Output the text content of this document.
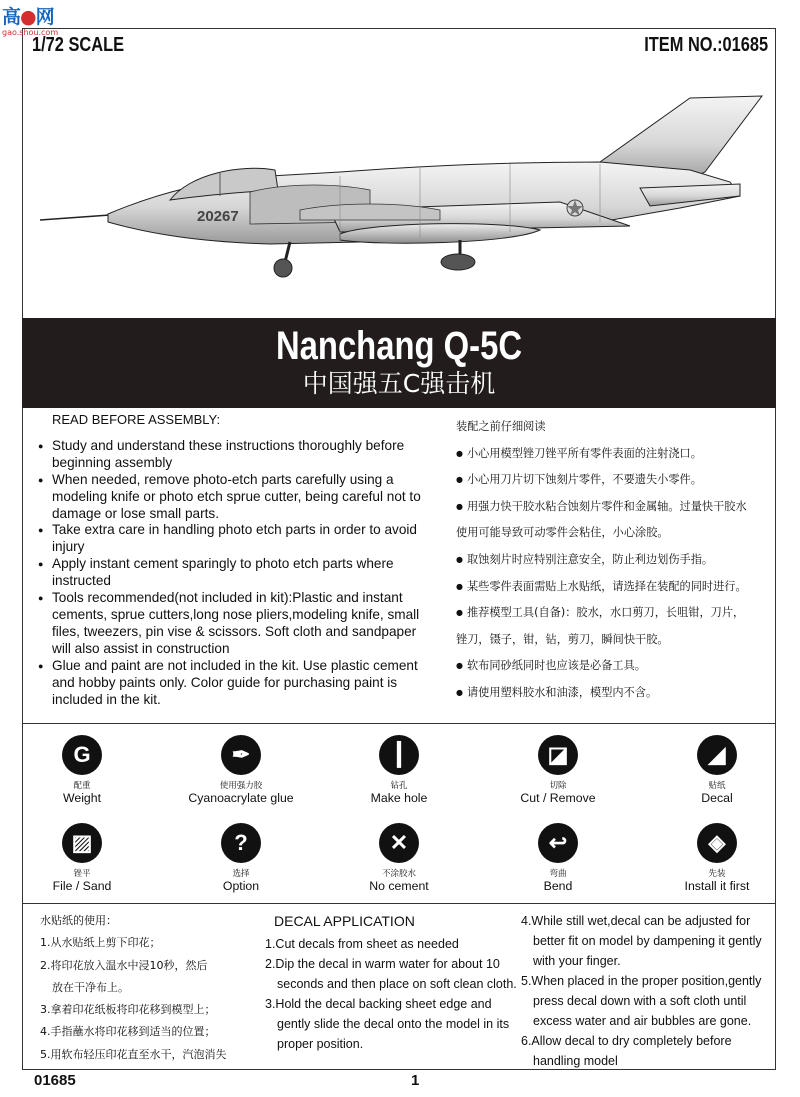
高●网
gao.shou.com
1/72 SCALE	ITEM NO.:01685
20267
Nanchang Q-5C
中国强五C强击机
READ BEFORE ASSEMBLY:
● Study and understand these instructions thoroughly before beginning assembly
● When needed, remove photo-etch parts carefully using a modeling knife or photo etch sprue cutter, being careful not to damage or lose small parts.
● Take extra care in handling photo etch parts in order to avoid injury
● Apply instant cement sparingly to photo etch parts where instructed
● Tools recommended(not included in kit):Plastic and instant cements, sprue cutters,long nose pliers,modeling knife, small files, tweezers, pin vise & scissors. Soft cloth and sandpaper will also assist in construction
● Glue and paint are not included in the kit. Use plastic cement and hobby paints only. Color guide for purchasing paint is included in the kit.
装配之前仔细阅读
● 小心用模型锉刀锉平所有零件表面的注射浇口。
● 小心用刀片切下蚀刻片零件，不要遗失小零件。
● 用强力快干胶水粘合蚀刻片零件和金属轴。过量快干胶水
使用可能导致可动零件会粘住，小心涂胶。
● 取蚀刻片时应特别注意安全，防止利边划伤手指。
● 某些零件表面需贴上水贴纸，请选择在装配的同时进行。
● 推荐模型工具(自备)：胶水，水口剪刀，长咀钳，刀片，
锉刀，镊子，钳，钻，剪刀，瞬间快干胶。
● 软布同砂纸同时也应该是必备工具。
● 请使用塑料胶水和油漆，模型内不含。
G
配重
Weight
✒
使用强力胶
Cyanoacrylate glue
┃
钻孔
Make hole
◪
切除
Cut / Remove
◢
贴纸
Decal
▨
锉平
File / Sand
?
选择
Option
✕
不涂胶水
No cement
↩
弯曲
Bend
◈
先装
Install it first
水贴纸的使用：
1.从水贴纸上剪下印花；
2.将印花放入温水中浸10秒，然后
放在干净布上。
3.拿着印花纸板将印花移到模型上；
4.手指蘸水将印花移到适当的位置；
5.用软布轻压印花直至水干，汽泡消失
DECAL APPLICATION
1.Cut decals from sheet as needed
2.Dip the decal in warm water for about 10
seconds and then place on soft clean cloth.
3.Hold the decal backing sheet edge and
gently slide the decal onto the model in its
proper position.
4.While still wet,decal can be adjusted for
better fit on model by dampening it gently
with your finger.
5.When placed in the proper position,gently
press decal down with a soft cloth until
excess water and air bubbles are gone.
6.Allow decal to dry completely before
handling model
01685	1
